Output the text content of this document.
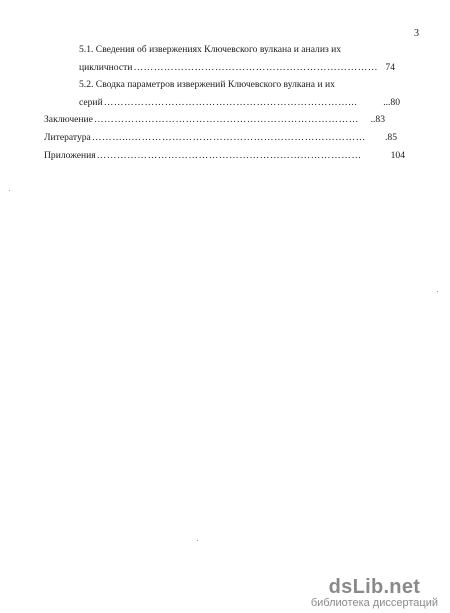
3
5.1. Сведения об извержениях Ключевского вулкана и анализ их
цикличности ……………………………………………………………… 74
5.2. Сводка параметров извержений Ключевского вулкана и их
серий ………………………………………………………………...	...80
Заключение ……………………………………………………………………	..83
Литература ………...……………………………………………………………	.85
Приложения ……………………………………………………………………	104
dsLib.net
библиотека диссертаций
